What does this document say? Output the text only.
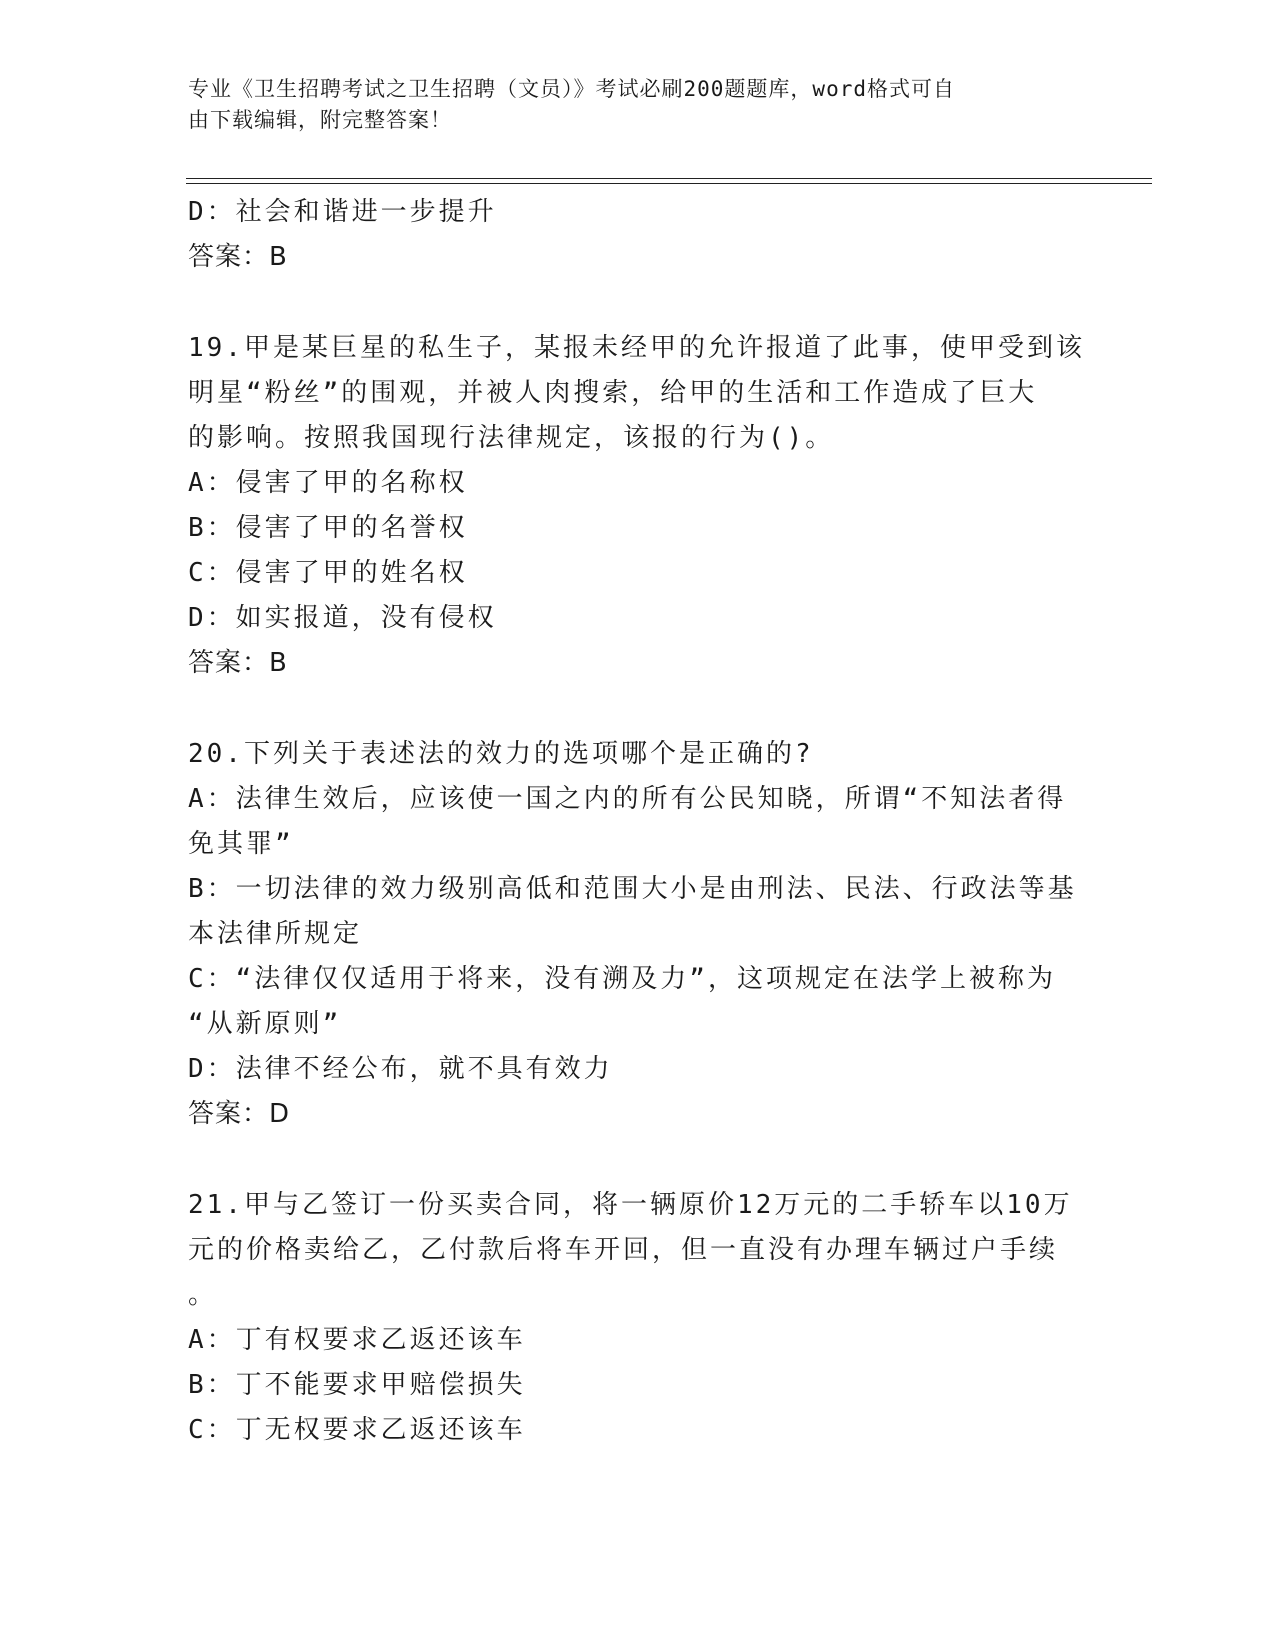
专业《卫生招聘考试之卫生招聘（文员）》考试必刷200题题库，word格式可自
由下载编辑，附完整答案！
D：社会和谐进一步提升
答案：B
19.甲是某巨星的私生子，某报未经甲的允许报道了此事，使甲受到该
明星“粉丝”的围观，并被人肉搜索，给甲的生活和工作造成了巨大
的影响。按照我国现行法律规定，该报的行为()。
A：侵害了甲的名称权
B：侵害了甲的名誉权
C：侵害了甲的姓名权
D：如实报道，没有侵权
答案：B
20.下列关于表述法的效力的选项哪个是正确的?
A：法律生效后，应该使一国之内的所有公民知晓，所谓“不知法者得
免其罪”
B：一切法律的效力级别高低和范围大小是由刑法、民法、行政法等基
本法律所规定
C：“法律仅仅适用于将来，没有溯及力”，这项规定在法学上被称为
“从新原则”
D：法律不经公布，就不具有效力
答案：D
21.甲与乙签订一份买卖合同，将一辆原价12万元的二手轿车以10万
元的价格卖给乙，乙付款后将车开回，但一直没有办理车辆过户手续
。
A：丁有权要求乙返还该车
B：丁不能要求甲赔偿损失
C：丁无权要求乙返还该车
